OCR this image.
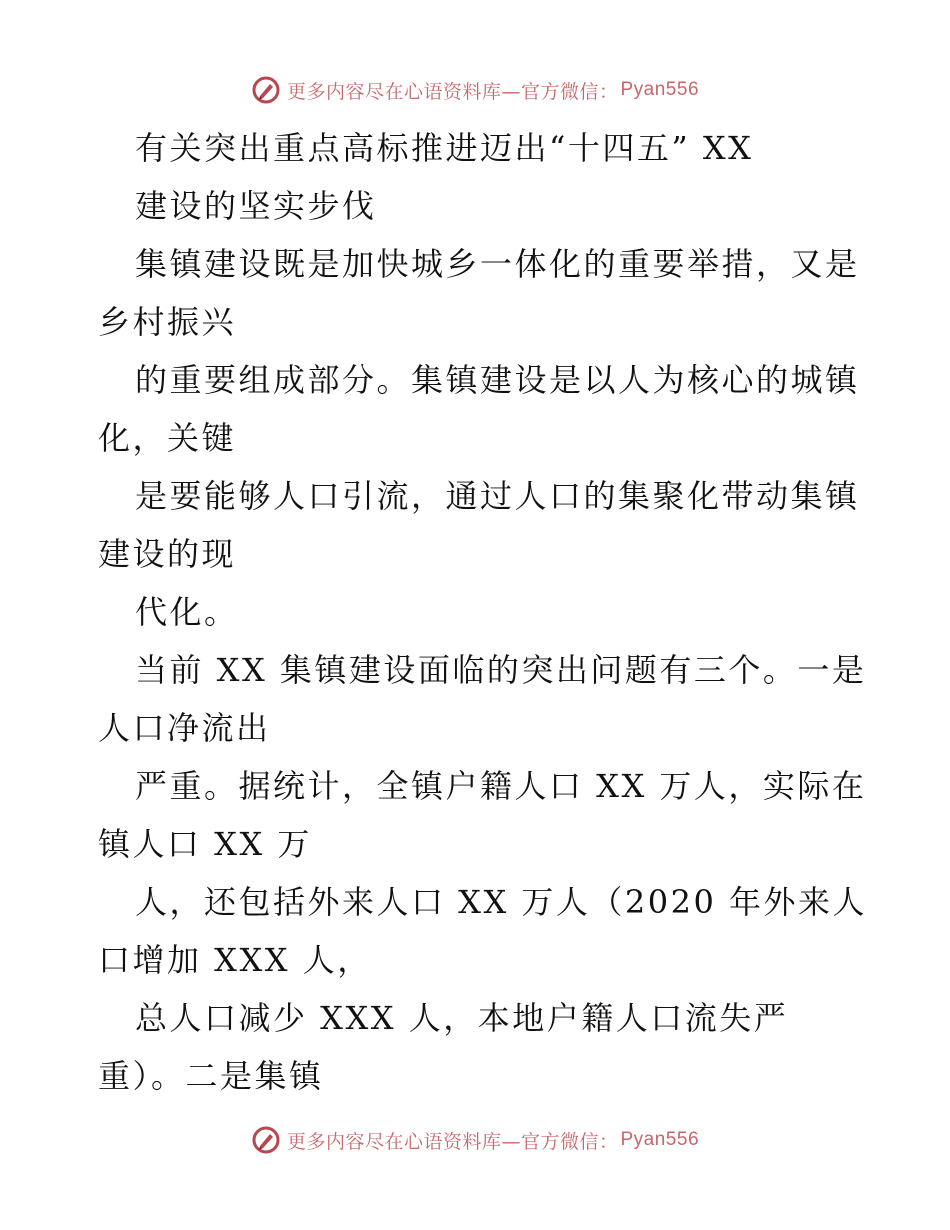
更多内容尽在心语资料库—官方微信： Pyan556
有关突出重点高标推进迈出“十四五” XX
建设的坚实步伐
集镇建设既是加快城乡一体化的重要举措，又是
乡村振兴
的重要组成部分。集镇建设是以人为核心的城镇
化，关键
是要能够人口引流，通过人口的集聚化带动集镇
建设的现
代化。
当前 XX 集镇建设面临的突出问题有三个。一是
人口净流出
严重。据统计，全镇户籍人口 XX 万人，实际在
镇人口 XX 万
人，还包括外来人口 XX 万人（2020 年外来人
口增加 XXX 人，
总人口减少 XXX 人，本地户籍人口流失严
重）。二是集镇
更多内容尽在心语资料库—官方微信： Pyan556
